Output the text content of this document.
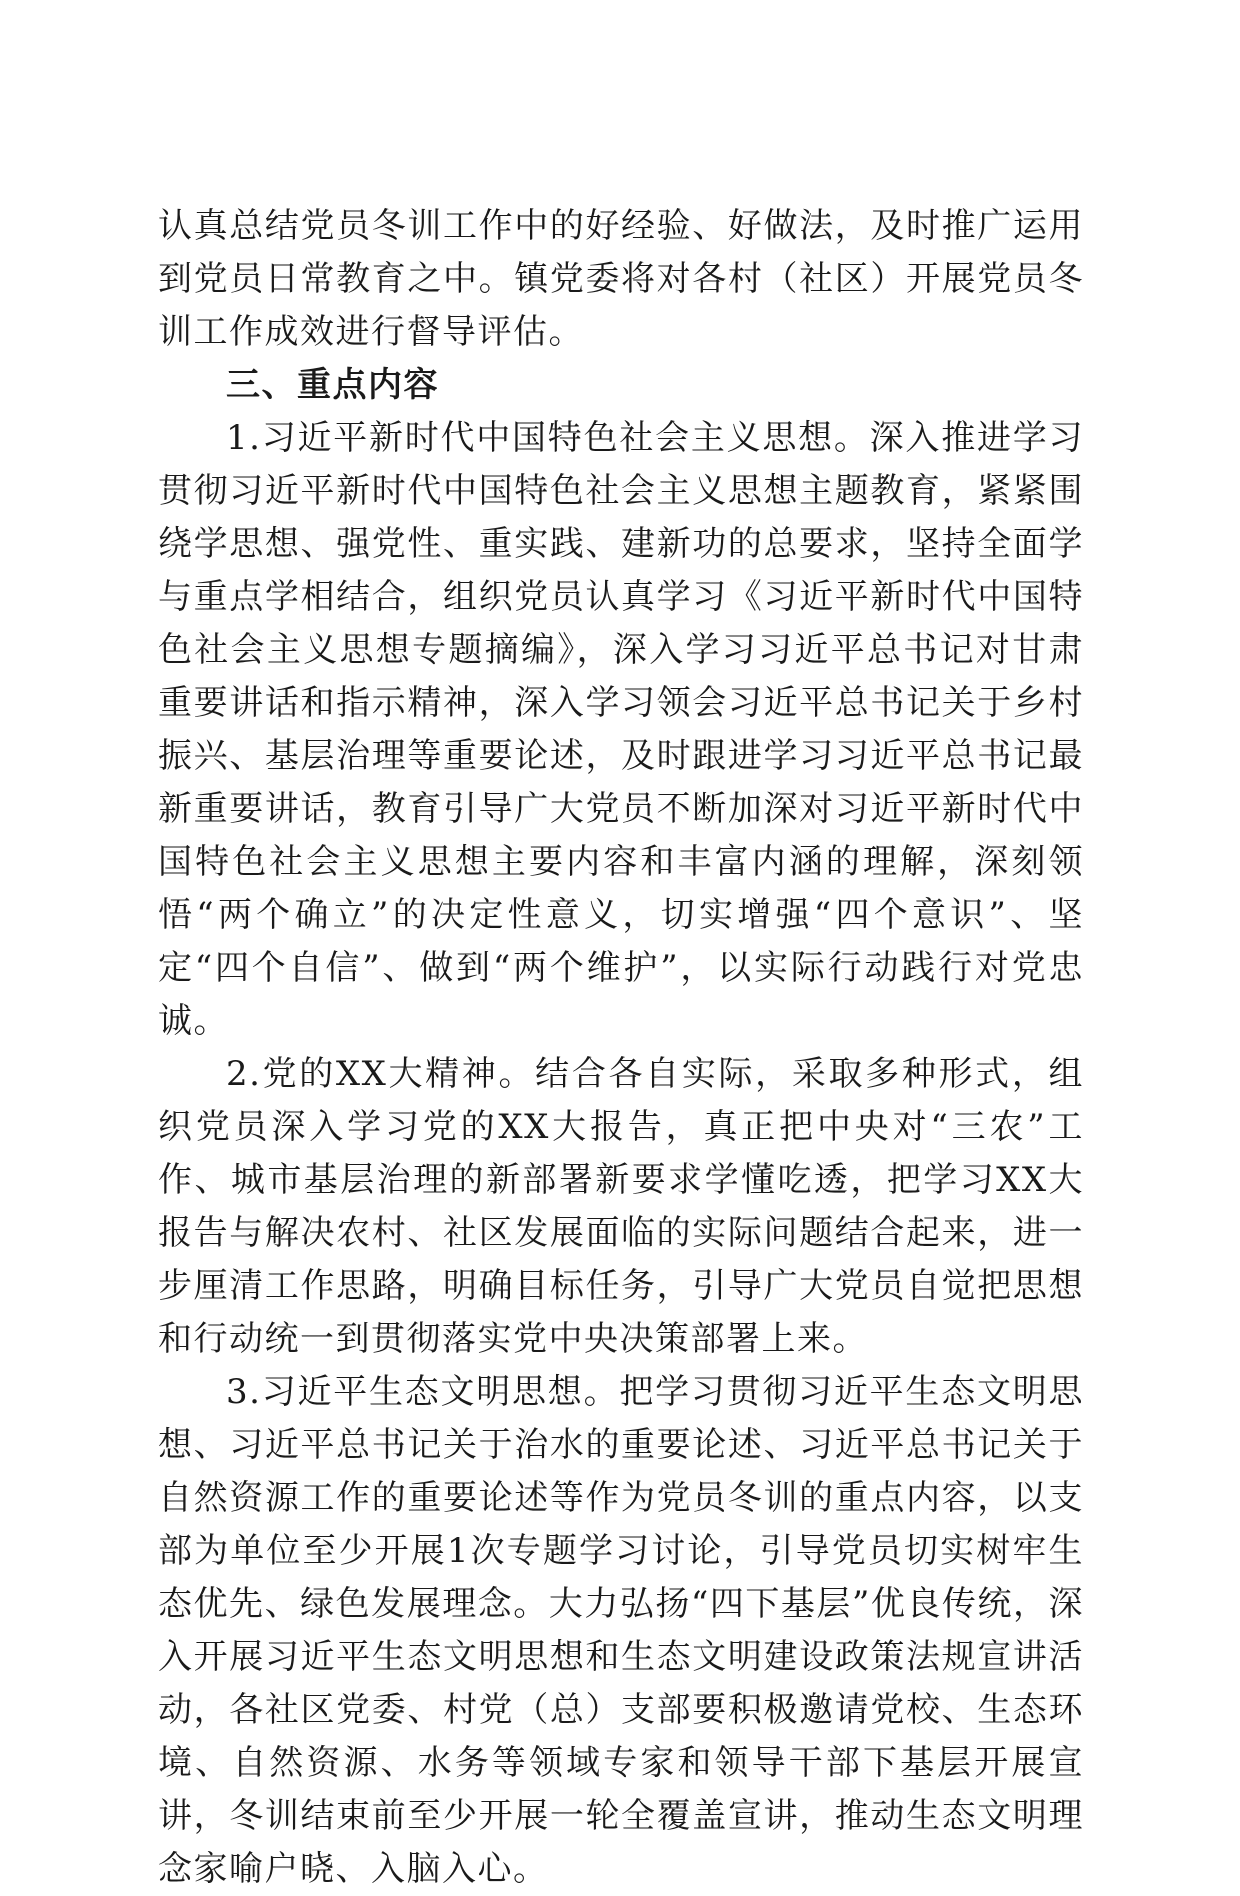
认真总结党员冬训工作中的好经验、好做法，及时推广运用到党员日常教育之中。镇党委将对各村（社区）开展党员冬训工作成效进行督导评估。

三、重点内容

1.习近平新时代中国特色社会主义思想。深入推进学习贯彻习近平新时代中国特色社会主义思想主题教育，紧紧围绕学思想、强党性、重实践、建新功的总要求，坚持全面学与重点学相结合，组织党员认真学习《习近平新时代中国特色社会主义思想专题摘编》，深入学习习近平总书记对甘肃重要讲话和指示精神，深入学习领会习近平总书记关于乡村振兴、基层治理等重要论述，及时跟进学习习近平总书记最新重要讲话，教育引导广大党员不断加深对习近平新时代中国特色社会主义思想主要内容和丰富内涵的理解，深刻领悟“两个确立”的决定性意义，切实增强“四个意识”、坚定“四个自信”、做到“两个维护”，以实际行动践行对党忠诚。

2.党的XX大精神。结合各自实际，采取多种形式，组织党员深入学习党的XX大报告，真正把中央对“三农”工作、城市基层治理的新部署新要求学懂吃透，把学习XX大报告与解决农村、社区发展面临的实际问题结合起来，进一步厘清工作思路，明确目标任务，引导广大党员自觉把思想和行动统一到贯彻落实党中央决策部署上来。

3.习近平生态文明思想。把学习贯彻习近平生态文明思想、习近平总书记关于治水的重要论述、习近平总书记关于自然资源工作的重要论述等作为党员冬训的重点内容，以支部为单位至少开展1次专题学习讨论，引导党员切实树牢生态优先、绿色发展理念。大力弘扬“四下基层”优良传统，深入开展习近平生态文明思想和生态文明建设政策法规宣讲活动，各社区党委、村党（总）支部要积极邀请党校、生态环境、自然资源、水务等领域专家和领导干部下基层开展宣讲，冬训结束前至少开展一轮全覆盖宣讲，推动生态文明理念家喻户晓、入脑入心。
